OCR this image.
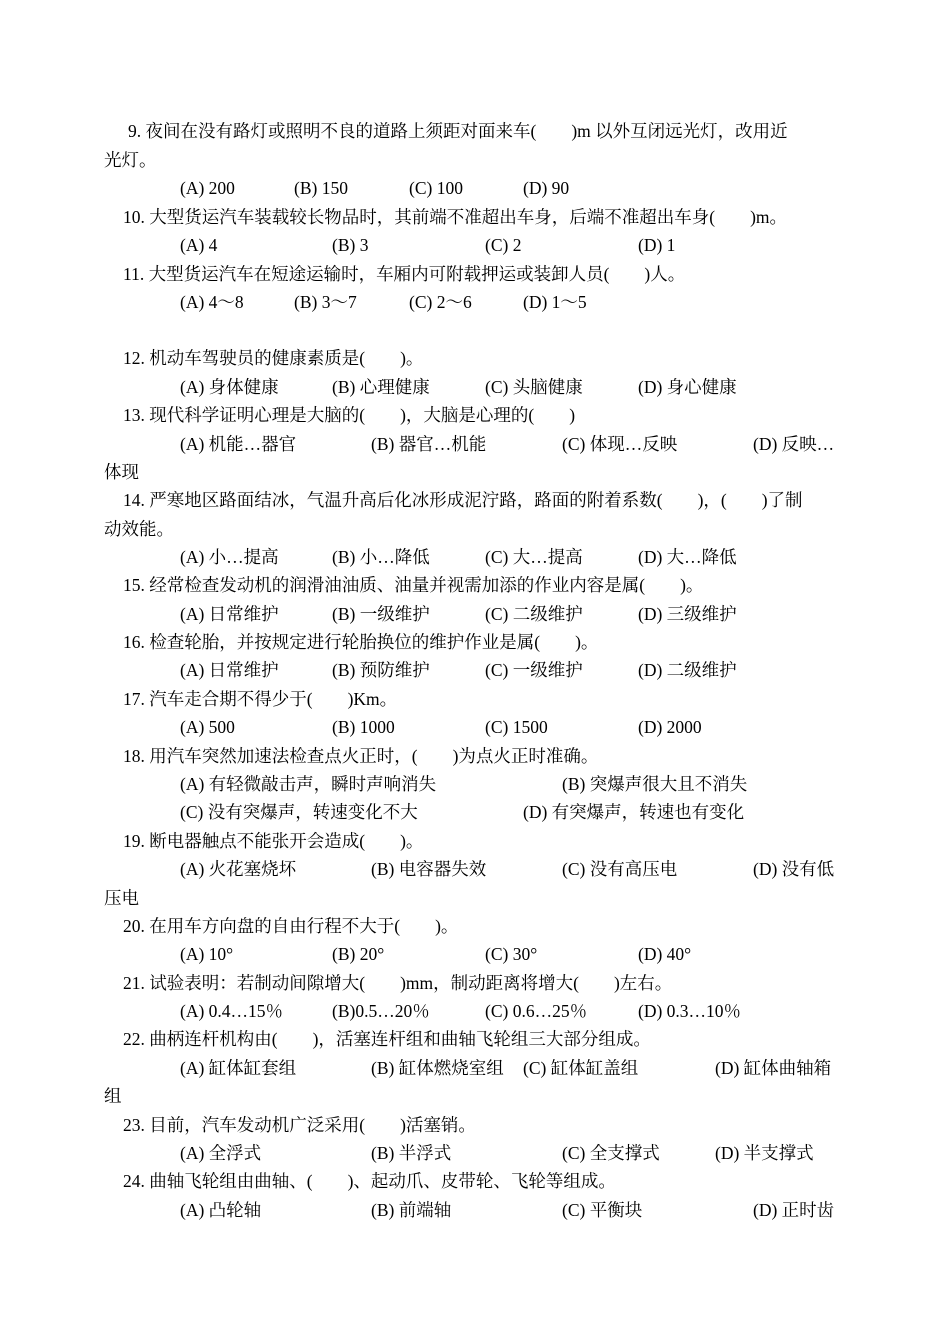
9. 夜间在没有路灯或照明不良的道路上须距对面来车(　　)m 以外互闭远光灯，改用近
光灯。
(A) 200	(B) 150	(C) 100	(D) 90
10. 大型货运汽车装载较长物品时，其前端不准超出车身，后端不准超出车身(　　)m。
(A) 4	(B) 3	(C) 2	(D) 1
11. 大型货运汽车在短途运输时，车厢内可附载押运或装卸人员(　　)人。
(A) 4～8	(B) 3～7	(C) 2～6	(D) 1～5
12. 机动车驾驶员的健康素质是(　　)。
(A) 身体健康	(B) 心理健康	(C) 头脑健康	(D) 身心健康
13. 现代科学证明心理是大脑的(　　)，大脑是心理的(　　)
(A) 机能…器官	(B) 器官…机能	(C) 体现…反映	(D) 反映…
体现
14. 严寒地区路面结冰，气温升高后化冰形成泥泞路，路面的附着系数(　　)，(　　)了制
动效能。
(A) 小…提高	(B) 小…降低	(C) 大…提高	(D) 大…降低
15. 经常检查发动机的润滑油油质、油量并视需加添的作业内容是属(　　)。
(A) 日常维护	(B) 一级维护	(C) 二级维护	(D) 三级维护
16. 检查轮胎，并按规定进行轮胎换位的维护作业是属(　　)。
(A) 日常维护	(B) 预防维护	(C) 一级维护	(D) 二级维护
17. 汽车走合期不得少于(　　)Km。
(A) 500	(B) 1000	(C) 1500	(D) 2000
18. 用汽车突然加速法检查点火正时，(　　)为点火正时准确。
(A) 有轻微敲击声，瞬时声响消失	(B) 突爆声很大且不消失
(C) 没有突爆声，转速变化不大	(D) 有突爆声，转速也有变化
19. 断电器触点不能张开会造成(　　)。
(A) 火花塞烧坏	(B) 电容器失效	(C) 没有高压电	(D) 没有低
压电
20. 在用车方向盘的自由行程不大于(　　)。
(A) 10°	(B) 20°	(C) 30°	(D) 40°
21. 试验表明：若制动间隙增大(　　)mm，制动距离将增大(　　)左右。
(A) 0.4…15％	(B)0.5…20％	(C) 0.6…25％	(D) 0.3…10％
22. 曲柄连杆机构由(　　)，活塞连杆组和曲轴飞轮组三大部分组成。
(A) 缸体缸套组	(B) 缸体燃烧室组 (C) 缸体缸盖组	(D) 缸体曲轴箱
组
23. 目前，汽车发动机广泛采用(　　)活塞销。
(A) 全浮式	(B) 半浮式	(C) 全支撑式	(D) 半支撑式
24. 曲轴飞轮组由曲轴、(　　)、起动爪、皮带轮、飞轮等组成。
(A) 凸轮轴	(B) 前端轴	(C) 平衡块	(D) 正时齿
